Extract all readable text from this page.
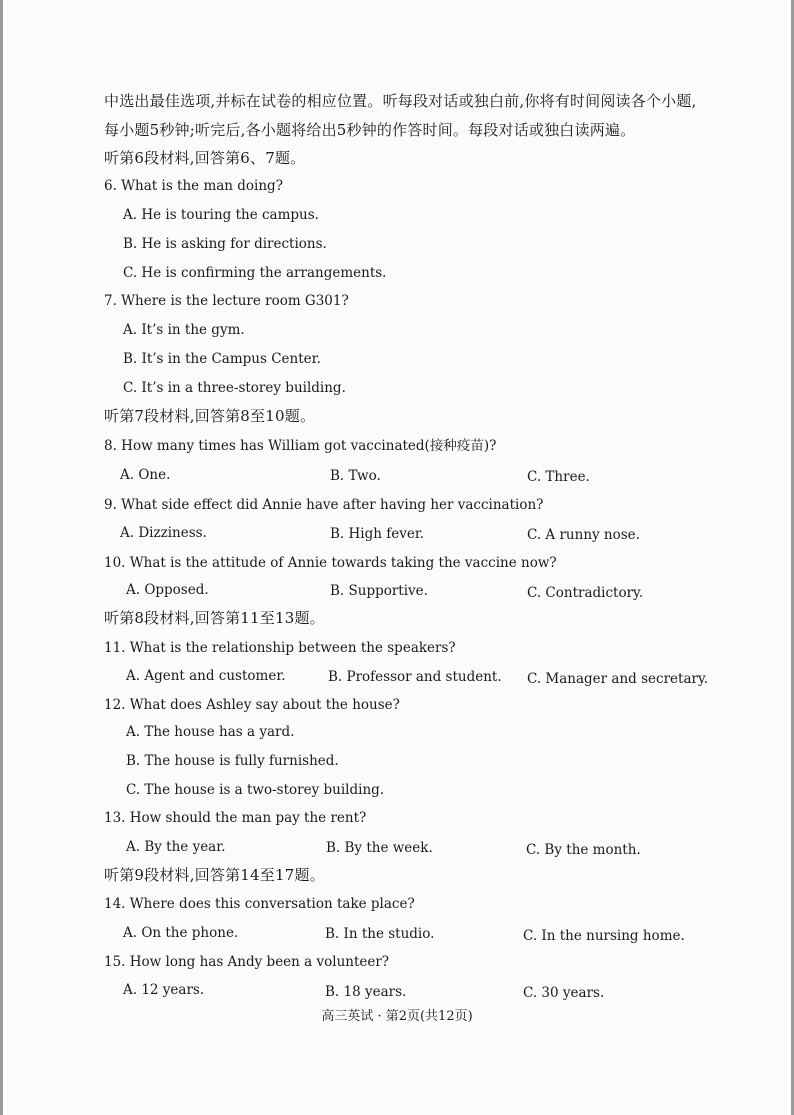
中选出最佳选项,并标在试卷的相应位置。听每段对话或独白前,你将有时间阅读各个小题,
每小题5秒钟;听完后,各小题将给出5秒钟的作答时间。每段对话或独白读两遍。
听第6段材料,回答第6、7题。
6. What is the man doing?
A. He is touring the campus.
B. He is asking for directions.
C. He is confirming the arrangements.
7. Where is the lecture room G301?
A. It’s in the gym.
B. It’s in the Campus Center.
C. It’s in a three-storey building.
听第7段材料,回答第8至10题。
8. How many times has William got vaccinated(接种疫苗)?
A. One.	B. Two.	C. Three.
9. What side effect did Annie have after having her vaccination?
A. Dizziness.	B. High fever.	C. A runny nose.
10. What is the attitude of Annie towards taking the vaccine now?
A. Opposed.	B. Supportive.	C. Contradictory.
听第8段材料,回答第11至13题。
11. What is the relationship between the speakers?
A. Agent and customer.	B. Professor and student. C. Manager and secretary.
12. What does Ashley say about the house?
A. The house has a yard.
B. The house is fully furnished.
C. The house is a two-storey building.
13. How should the man pay the rent?
A. By the year.	B. By the week.	C. By the month.
听第9段材料,回答第14至17题。
14. Where does this conversation take place?
A. On the phone.	B. In the studio.	C. In the nursing home.
15. How long has Andy been a volunteer?
A. 12 years.	B. 18 years.	C. 30 years.
高三英试 · 第2页(共12页)
